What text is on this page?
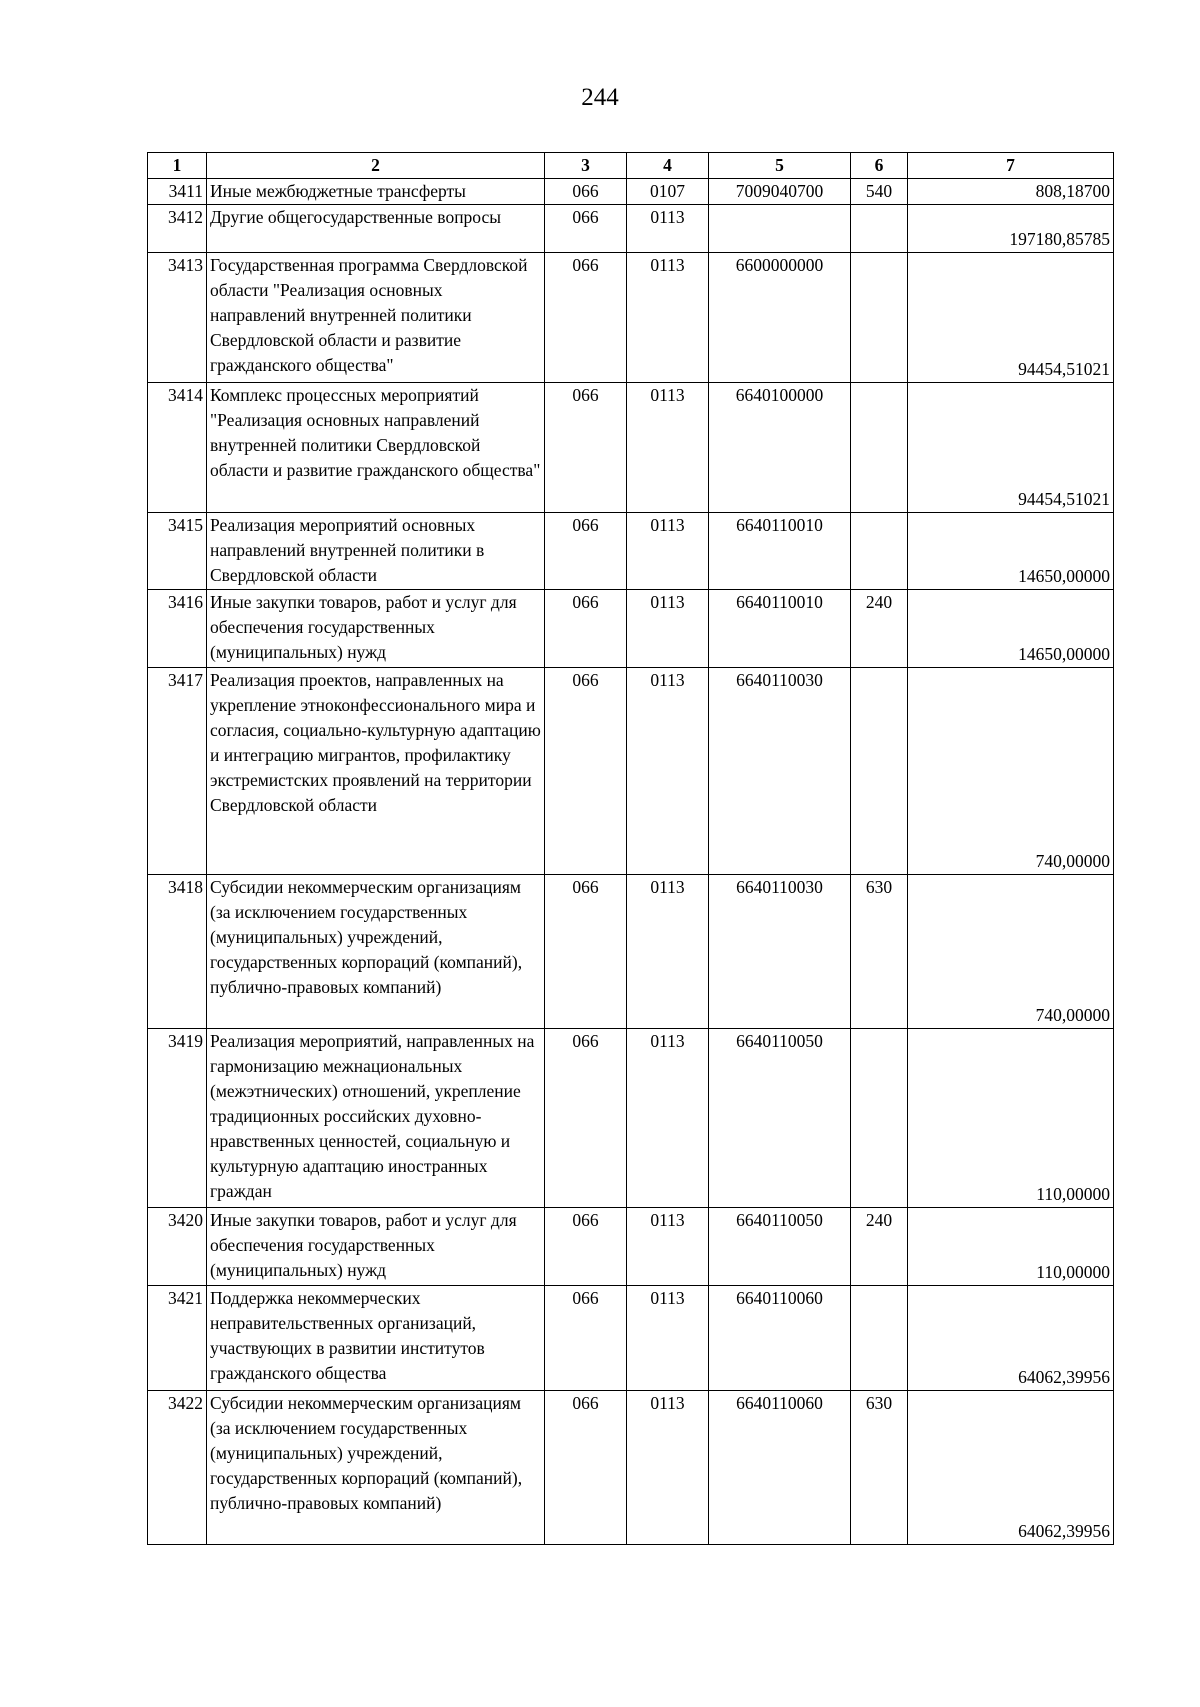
244
1	2	3	4	5	6	7
3411	Иные межбюджетные трансферты	066	0107	7009040700	540	808,18700
3412	Другие общегосударственные вопросы	066	0113			197180,85785
3413	Государственная программа Свердловской области "Реализация основных направлений внутренней политики Свердловской области и развитие гражданского общества"	066	0113	6600000000		94454,51021
3414	Комплекс процессных мероприятий "Реализация основных направлений внутренней политики Свердловской области и развитие гражданского общества"	066	0113	6640100000		94454,51021
3415	Реализация мероприятий основных направлений внутренней политики в Свердловской области	066	0113	6640110010		14650,00000
3416	Иные закупки товаров, работ и услуг для обеспечения государственных (муниципальных) нужд	066	0113	6640110010	240	14650,00000
3417	Реализация проектов, направленных на укрепление этноконфессионального мира и согласия, социально-культурную адаптацию и интеграцию мигрантов, профилактику экстремистских проявлений на территории Свердловской области	066	0113	6640110030		740,00000
3418	Субсидии некоммерческим организациям (за исключением государственных (муниципальных) учреждений, государственных корпораций (компаний), публично-правовых компаний)	066	0113	6640110030	630	740,00000
3419	Реализация мероприятий, направленных на гармонизацию межнациональных (межэтнических) отношений, укрепление традиционных российских духовно-нравственных ценностей, социальную и культурную адаптацию иностранных граждан	066	0113	6640110050		110,00000
3420	Иные закупки товаров, работ и услуг для обеспечения государственных (муниципальных) нужд	066	0113	6640110050	240	110,00000
3421	Поддержка некоммерческих неправительственных организаций, участвующих в развитии институтов гражданского общества	066	0113	6640110060		64062,39956
3422	Субсидии некоммерческим организациям (за исключением государственных (муниципальных) учреждений, государственных корпораций (компаний), публично-правовых компаний)	066	0113	6640110060	630	64062,39956
